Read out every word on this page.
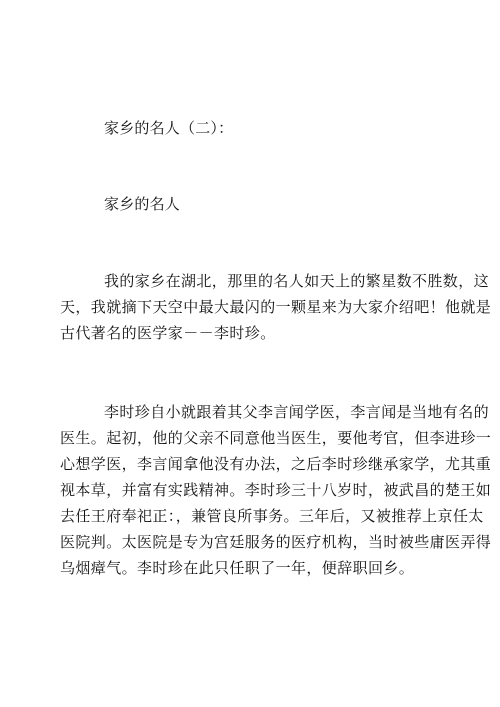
家乡的名人（二）：
家乡的名人
我的家乡在湖北，那里的名人如天上的繁星数不胜数，这
天，我就摘下天空中最大最闪的一颗星来为大家介绍吧！他就是
古代著名的医学家－－李时珍。
李时珍自小就跟着其父李言闻学医，李言闻是当地有名的
医生。起初，他的父亲不同意他当医生，要他考官，但李进珍一
心想学医，李言闻拿他没有办法，之后李时珍继承家学，尤其重
视本草，并富有实践精神。李时珍三十八岁时，被武昌的楚王如
去任王府奉祀正：，兼管良所事务。三年后，又被推荐上京任太
医院判。太医院是专为宫廷服务的医疗机构，当时被些庸医弄得
乌烟瘴气。李时珍在此只任职了一年，便辞职回乡。
